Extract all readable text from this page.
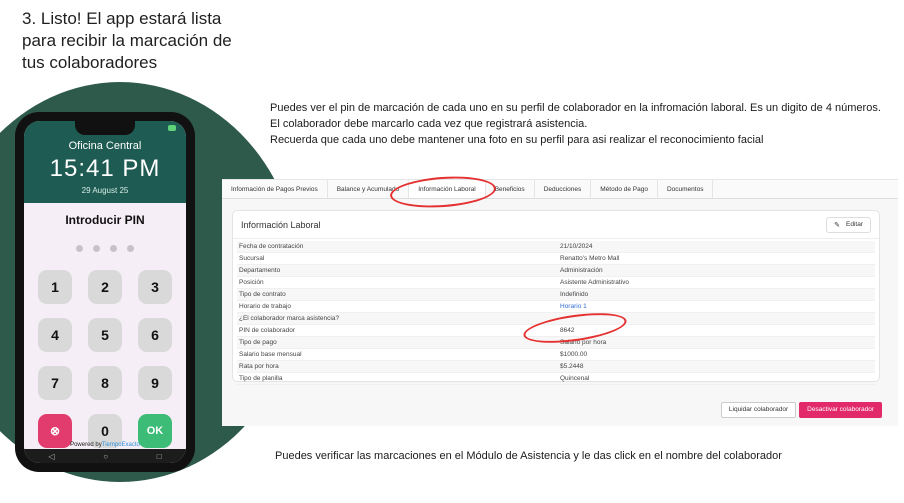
3. Listo! El app estará lista para recibir la marcación de tus colaboradores
Oficina Central
15:41 PM
29 August 25
Introducir PIN
1	2	3
4	5	6
7	8	9
⊗	0	OK
Powered byTiempoExacto
◁	○	□
Puedes ver el pin de marcación de cada uno en su perfil de colaborador en la infromación laboral. Es un digito de 4 números.
El colaborador debe marcarlo cada vez que registrará asistencia.
Recuerda que cada uno debe mantener una foto en su perfil para asi realizar el reconocimiento facial
Información de Pagos Previos	Balance y Acumulado	Información Laboral	Beneficios	Deducciones	Método de Pago	Documentos
Información Laboral	✎ Editar
Fecha de contratación	21/10/2024
Sucursal	Renatto's Metro Mall
Departamento	Administración
Posición	Asistente Administrativo
Tipo de contrato	Indefinido
Horario de trabajo	Horario 1
¿El colaborador marca asistencia?
PIN de colaborador	8642
Tipo de pago	Salario por hora
Salario base mensual	$1000.00
Rata por hora	$5.2448
Tipo de planilla	Quincenal
Liquidar colaborador	Desactivar colaborador
Puedes verificar las marcaciones en el Módulo de Asistencia y le das click en el nombre del colaborador
